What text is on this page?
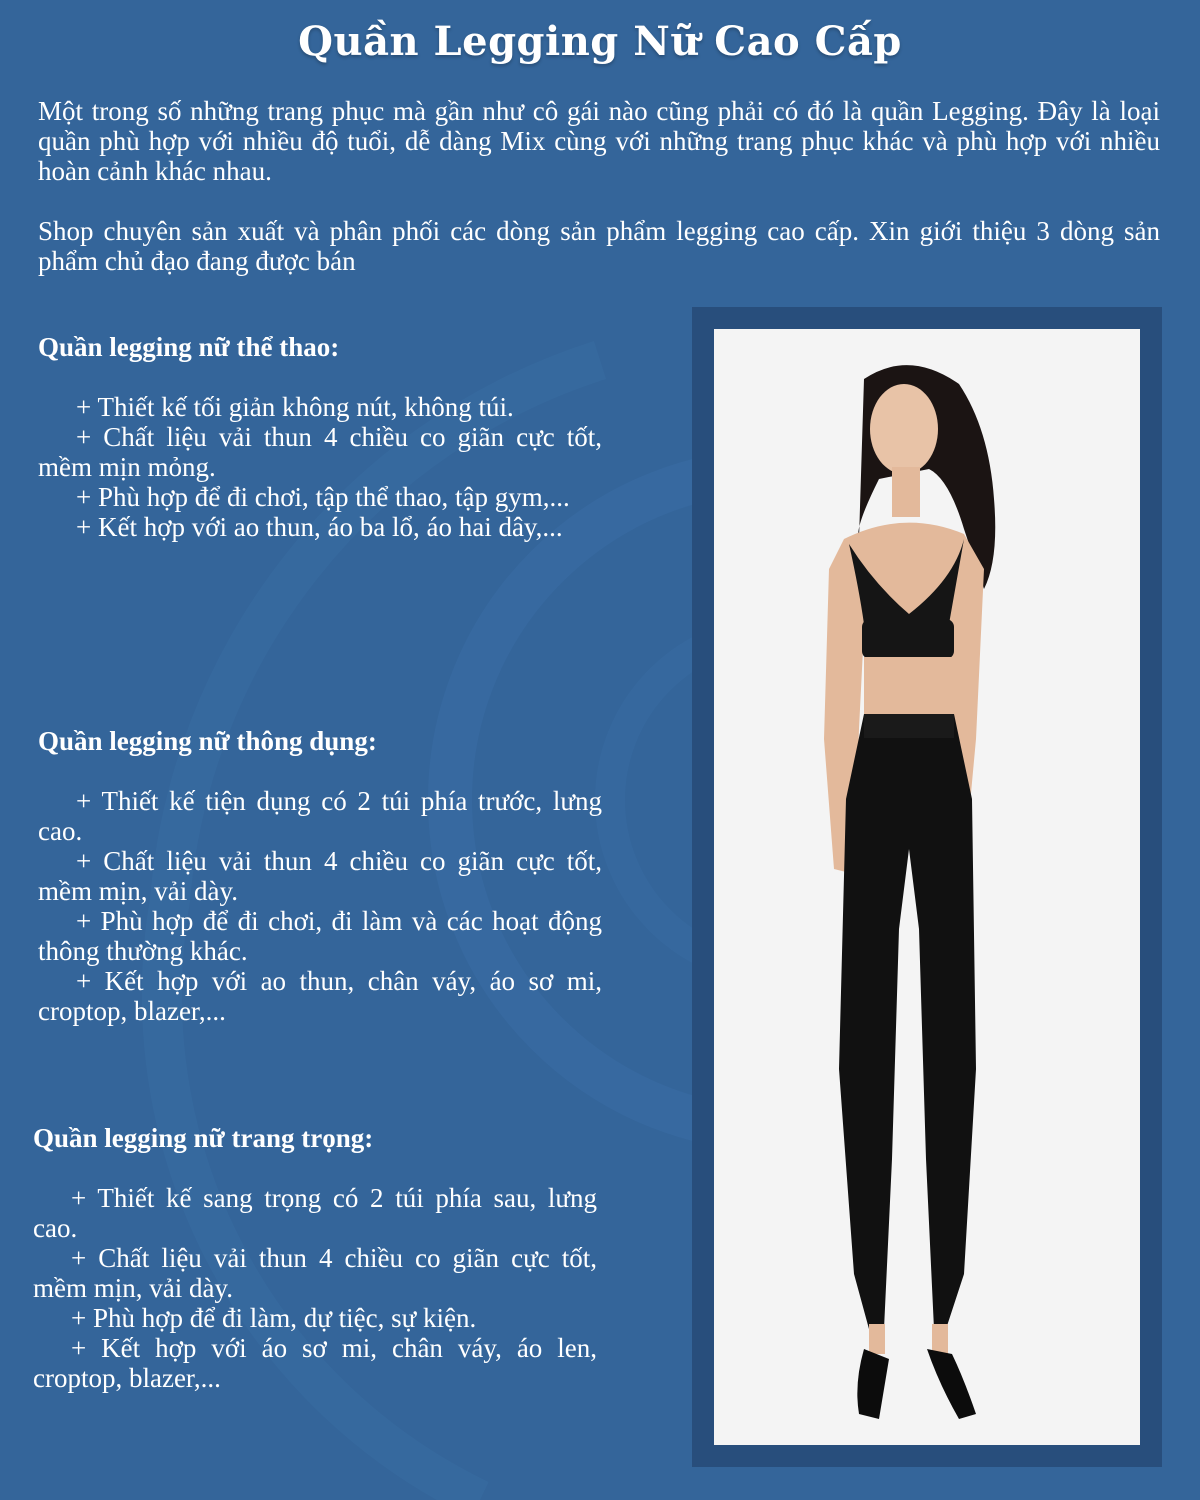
Quần Legging Nữ Cao Cấp

Một trong số những trang phục mà gần như cô gái nào cũng phải có đó là quần Legging. Đây là loại quần phù hợp với nhiều độ tuổi, dễ dàng Mix cùng với những trang phục khác và phù hợp với nhiều hoàn cảnh khác nhau.

Shop chuyên sản xuất và phân phối các dòng sản phẩm legging cao cấp. Xin giới thiệu 3 dòng sản phẩm chủ đạo đang được bán

Quần legging nữ thể thao:
+ Thiết kế tối giản không nút, không túi.
+ Chất liệu vải thun 4 chiều co giãn cực tốt, mềm mịn mỏng.
+ Phù hợp để đi chơi, tập thể thao, tập gym,...
+ Kết hợp với ao thun, áo ba lổ, áo hai dây,...
Quần legging nữ thông dụng:
+ Thiết kế tiện dụng có 2 túi phía trước, lưng cao.
+ Chất liệu vải thun 4 chiều co giãn cực tốt, mềm mịn, vải dày.
+ Phù hợp để đi chơi, đi làm và các hoạt động thông thường khác.
+ Kết hợp với ao thun, chân váy, áo sơ mi, croptop, blazer,...
Quần legging nữ trang trọng:
+ Thiết kế sang trọng có 2 túi phía sau, lưng cao.
+ Chất liệu vải thun 4 chiều co giãn cực tốt, mềm mịn, vải dày.
+ Phù hợp để đi làm, dự tiệc, sự kiện.
+ Kết hợp với áo sơ mi, chân váy, áo len, croptop, blazer,...
